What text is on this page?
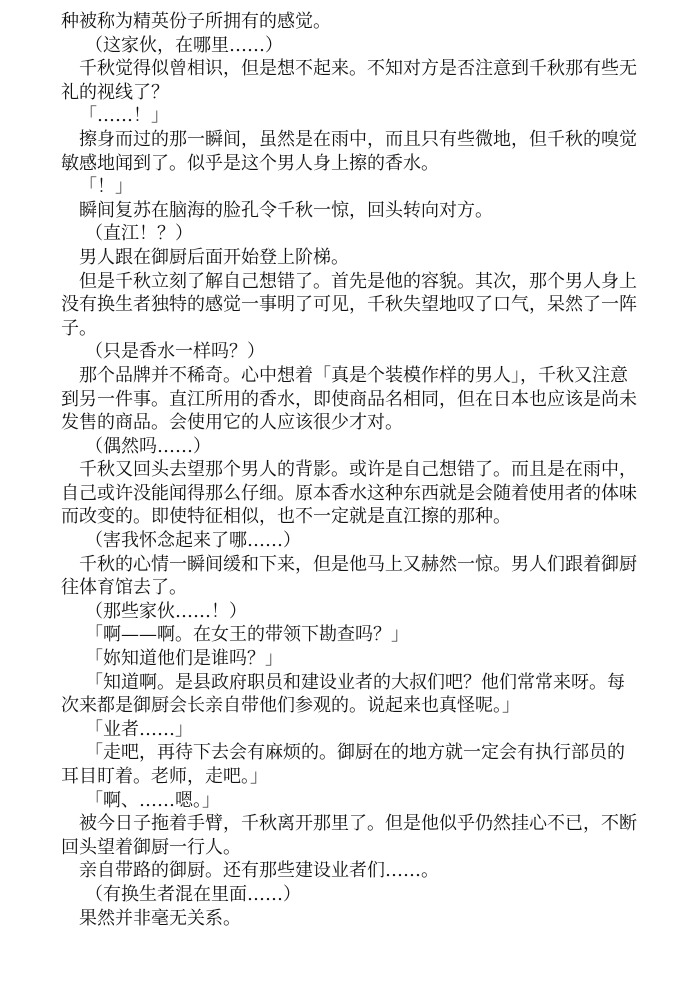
种被称为精英份子所拥有的感觉。

（这家伙，在哪里……）

千秋觉得似曾相识，但是想不起来。不知对方是否注意到千秋那有些无礼的视线了？

「……！」

擦身而过的那一瞬间，虽然是在雨中，而且只有些微地，但千秋的嗅觉敏感地闻到了。似乎是这个男人身上擦的香水。

「！」

瞬间复苏在脑海的脸孔令千秋一惊，回头转向对方。

（直江！？）

男人跟在御厨后面开始登上阶梯。

但是千秋立刻了解自己想错了。首先是他的容貌。其次，那个男人身上没有换生者独特的感觉一事明了可见，千秋失望地叹了口气，呆然了一阵子。

（只是香水一样吗？）

那个品牌并不稀奇。心中想着「真是个装模作样的男人」，千秋又注意到另一件事。直江所用的香水，即使商品名相同，但在日本也应该是尚未发售的商品。会使用它的人应该很少才对。

（偶然吗……）

千秋又回头去望那个男人的背影。或许是自己想错了。而且是在雨中，自己或许没能闻得那么仔细。原本香水这种东西就是会随着使用者的体味而改变的。即使特征相似，也不一定就是直江擦的那种。

（害我怀念起来了哪……）

千秋的心情一瞬间缓和下来，但是他马上又赫然一惊。男人们跟着御厨往体育馆去了。

（那些家伙……！）

「啊——啊。在女王的带领下勘查吗？」

「妳知道他们是谁吗？」

「知道啊。是县政府职员和建设业者的大叔们吧？他们常常来呀。每次来都是御厨会长亲自带他们参观的。说起来也真怪呢。」

「业者……」

「走吧，再待下去会有麻烦的。御厨在的地方就一定会有执行部员的耳目盯着。老师，走吧。」

「啊、……嗯。」

被今日子拖着手臂，千秋离开那里了。但是他似乎仍然挂心不已，不断回头望着御厨一行人。

亲自带路的御厨。还有那些建设业者们……。

（有换生者混在里面……）

果然并非毫无关系。
